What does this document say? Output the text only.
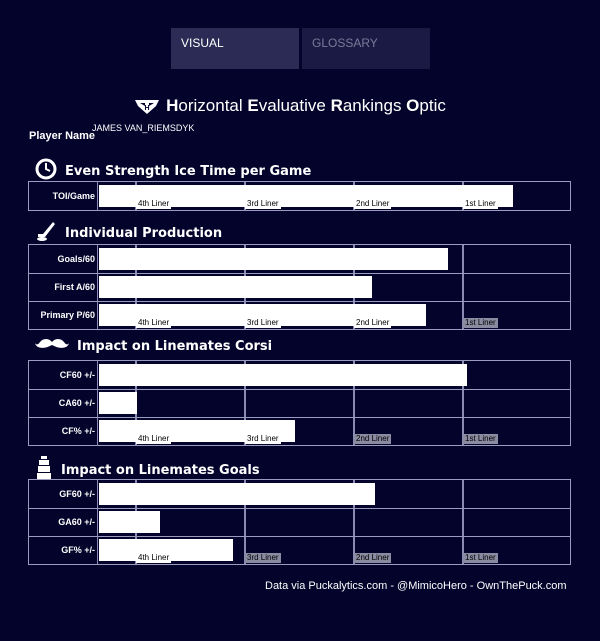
VISUAL	GLOSSARY
H Horizontal Evaluative Rankings Optic
Player Name
JAMES VAN_RIEMSDYK
Even Strength Ice Time per Game
TOI/Game
4th Liner	3rd Liner	2nd Liner	1st Liner
Individual Production
Goals/60
First A/60
Primary P/60
4th Liner	3rd Liner	2nd Liner	1st Liner
Impact on Linemates Corsi
CF60 +/-
CA60 +/-
CF% +/-
4th Liner	3rd Liner	2nd Liner	1st Liner
Impact on Linemates Goals
GF60 +/-
GA60 +/-
GF% +/-
4th Liner	3rd Liner	2nd Liner	1st Liner
Data via Puckalytics.com - @MimicoHero - OwnThePuck.com
